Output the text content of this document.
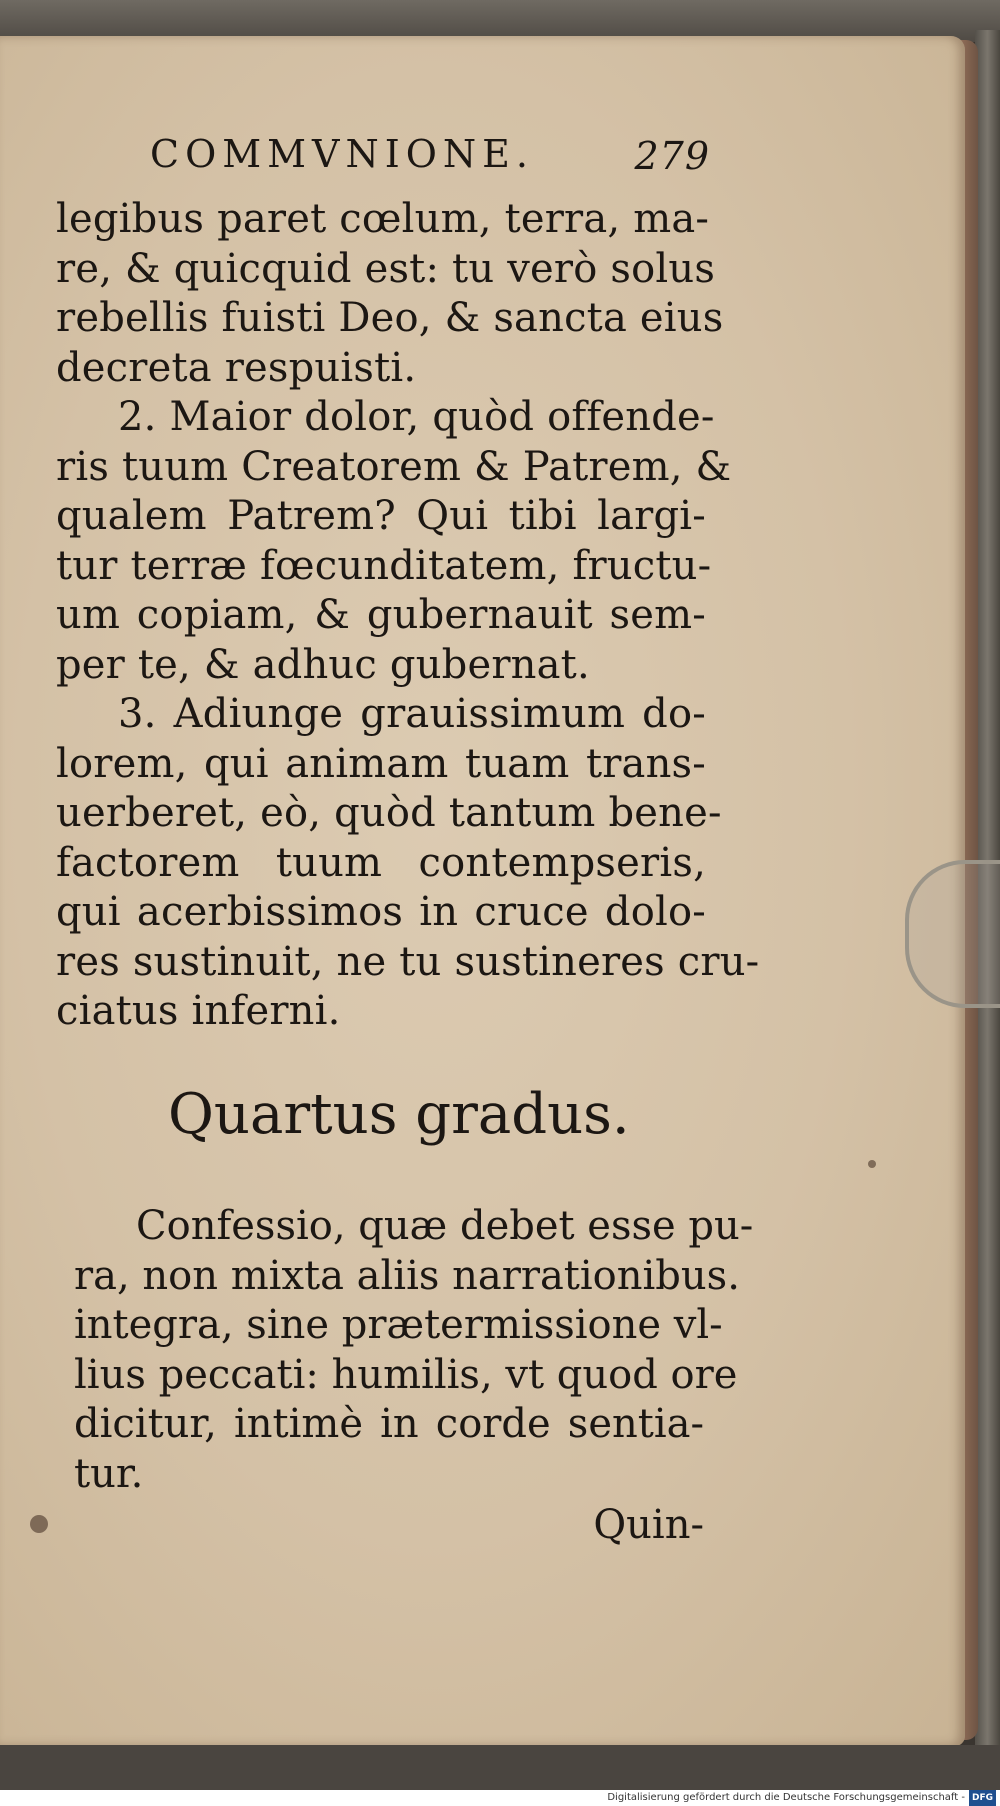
COMMVNIONE.	279
legibus paret cœlum, terra, ma-
re, & quicquid est: tu verò solus
rebellis fuisti Deo, & sancta eius
decreta respuisti.
2. Maior dolor, quòd offende-
ris tuum Creatorem & Patrem, &
qualem Patrem? Qui tibi largi-
tur terræ fœcunditatem, fructu-
um copiam, & gubernauit sem-
per te, & adhuc gubernat.
3. Adiunge grauissimum do-
lorem, qui animam tuam trans-
uerberet, eò, quòd tantum bene-
factorem tuum contempseris,
qui acerbissimos in cruce dolo-
res sustinuit, ne tu sustineres cru-
ciatus inferni.
Quartus gradus.
Confessio, quæ debet esse pu-
ra, non mixta aliis narrationibus.
integra, sine prætermissione vl-
lius peccati: humilis, vt quod ore
dicitur, intimè in corde sentia-
tur.
Quin-
Digitalisierung gefördert durch die Deutsche Forschungsgemeinschaft - DFG
